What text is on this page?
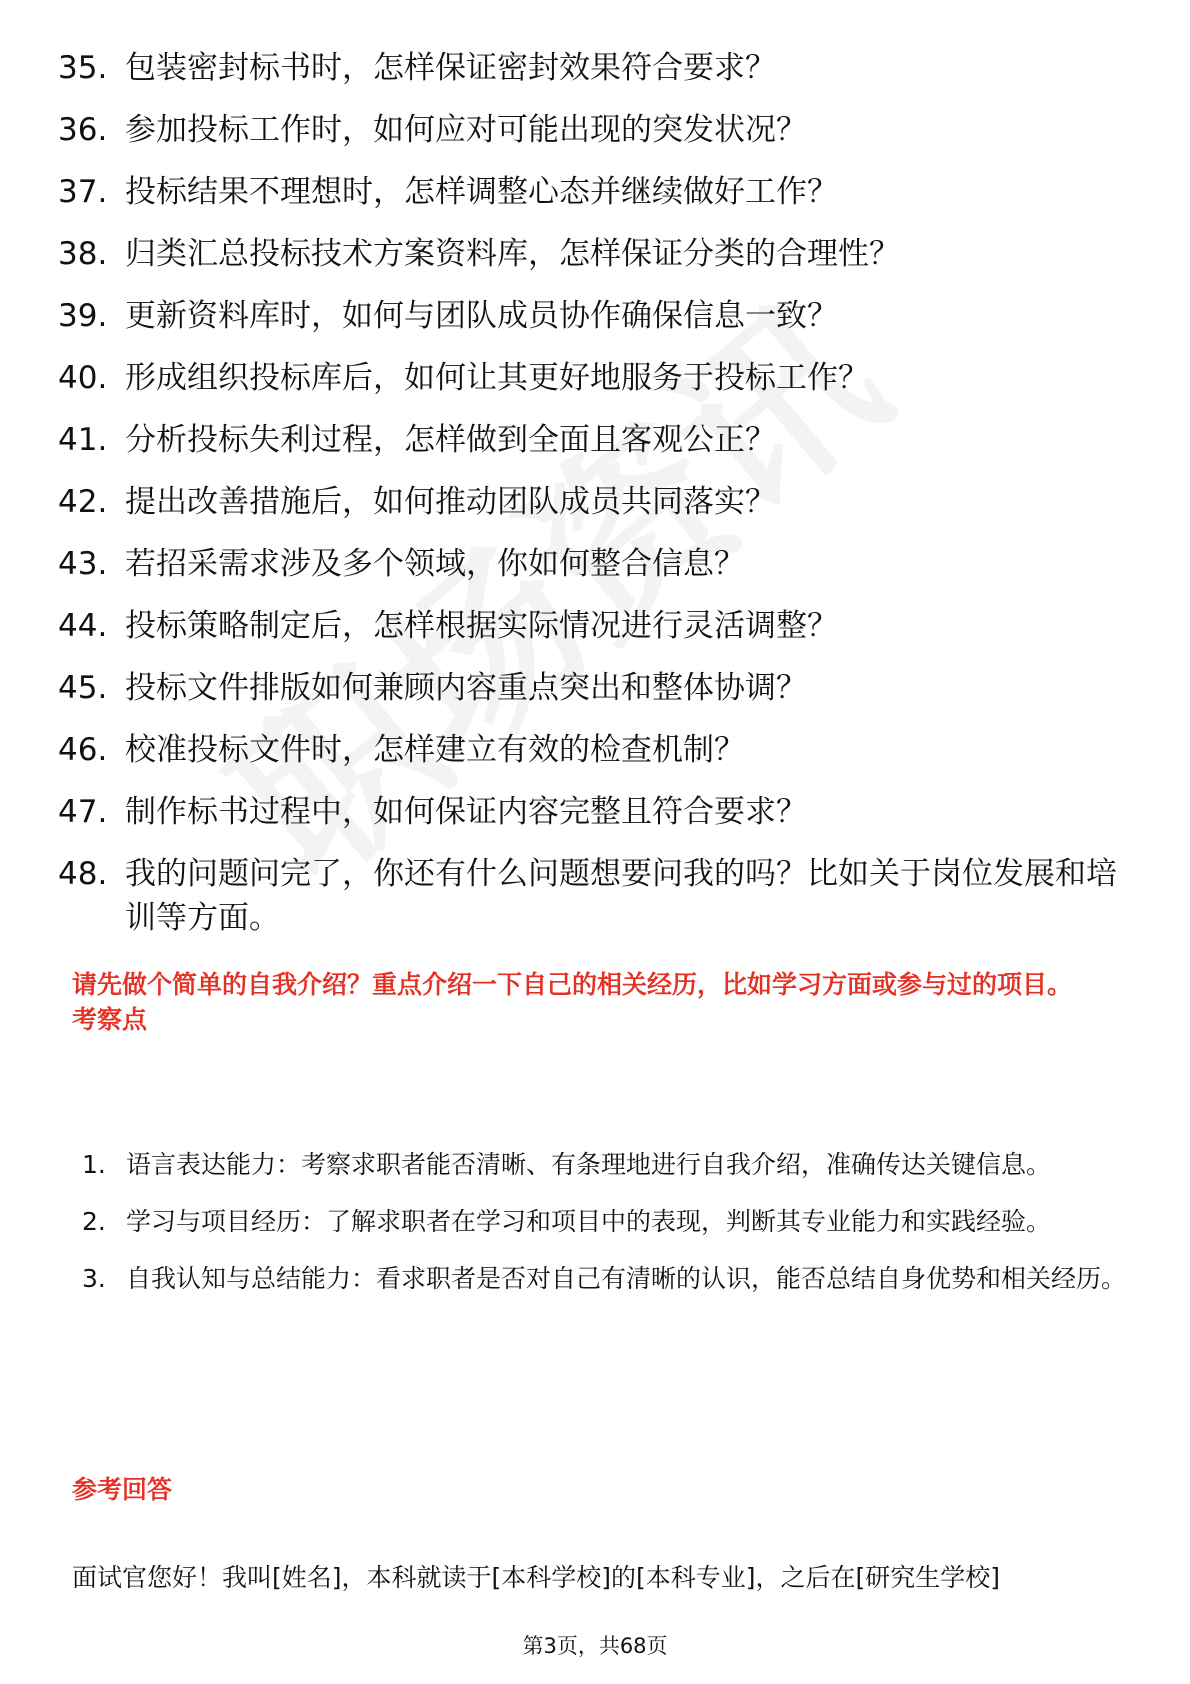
35. 包装密封标书时，怎样保证密封效果符合要求？
36. 参加投标工作时，如何应对可能出现的突发状况？
37. 投标结果不理想时，怎样调整心态并继续做好工作？
38. 归类汇总投标技术方案资料库，怎样保证分类的合理性？
39. 更新资料库时，如何与团队成员协作确保信息一致？
40. 形成组织投标库后，如何让其更好地服务于投标工作？
41. 分析投标失利过程，怎样做到全面且客观公正？
42. 提出改善措施后，如何推动团队成员共同落实？
43. 若招采需求涉及多个领域，你如何整合信息？
44. 投标策略制定后，怎样根据实际情况进行灵活调整？
45. 投标文件排版如何兼顾内容重点突出和整体协调？
46. 校准投标文件时，怎样建立有效的检查机制？
47. 制作标书过程中，如何保证内容完整且符合要求？
48. 我的问题问完了，你还有什么问题想要问我的吗？比如关于岗位发展和培训等方面。
请先做个简单的自我介绍？重点介绍一下自己的相关经历，比如学习方面或参与过的项目。
考察点
1. 语言表达能力：考察求职者能否清晰、有条理地进行自我介绍，准确传达关键信息。
2. 学习与项目经历：了解求职者在学习和项目中的表现，判断其专业能力和实践经验。
3. 自我认知与总结能力：看求职者是否对自己有清晰的认识，能否总结自身优势和相关经历。
参考回答
面试官您好！我叫[姓名]，本科就读于[本科学校]的[本科专业]，之后在[研究生学校]
第3页，共68页
